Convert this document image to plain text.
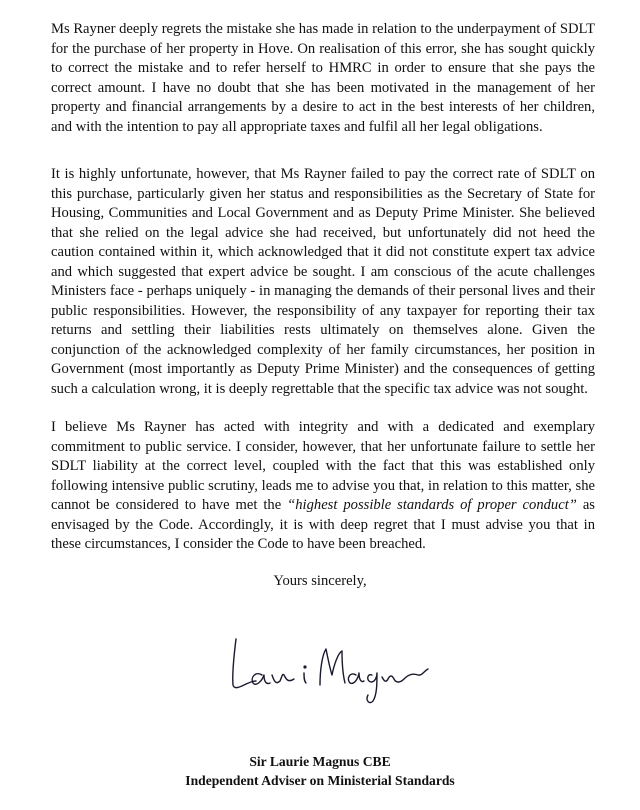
Ms Rayner deeply regrets the mistake she has made in relation to the underpayment of SDLT for the purchase of her property in Hove. On realisation of this error, she has sought quickly to correct the mistake and to refer herself to HMRC in order to ensure that she pays the correct amount. I have no doubt that she has been motivated in the management of her property and financial arrangements by a desire to act in the best interests of her children, and with the intention to pay all appropriate taxes and fulfil all her legal obligations.

It is highly unfortunate, however, that Ms Rayner failed to pay the correct rate of SDLT on this purchase, particularly given her status and responsibilities as the Secretary of State for Housing, Communities and Local Government and as Deputy Prime Minister. She believed that she relied on the legal advice she had received, but unfortunately did not heed the caution contained within it, which acknowledged that it did not constitute expert tax advice and which suggested that expert advice be sought. I am conscious of the acute challenges Ministers face - perhaps uniquely - in managing the demands of their personal lives and their public responsibilities. However, the responsibility of any taxpayer for reporting their tax returns and settling their liabilities rests ultimately on themselves alone. Given the conjunction of the acknowledged complexity of her family circumstances, her position in Government (most importantly as Deputy Prime Minister) and the consequences of getting such a calculation wrong, it is deeply regrettable that the specific tax advice was not sought.

I believe Ms Rayner has acted with integrity and with a dedicated and exemplary commitment to public service. I consider, however, that her unfortunate failure to settle her SDLT liability at the correct level, coupled with the fact that this was established only following intensive public scrutiny, leads me to advise you that, in relation to this matter, she cannot be considered to have met the “highest possible standards of proper conduct” as envisaged by the Code. Accordingly, it is with deep regret that I must advise you that in these circumstances, I consider the Code to have been breached.

Yours sincerely,

Sir Laurie Magnus CBE
Independent Adviser on Ministerial Standards
